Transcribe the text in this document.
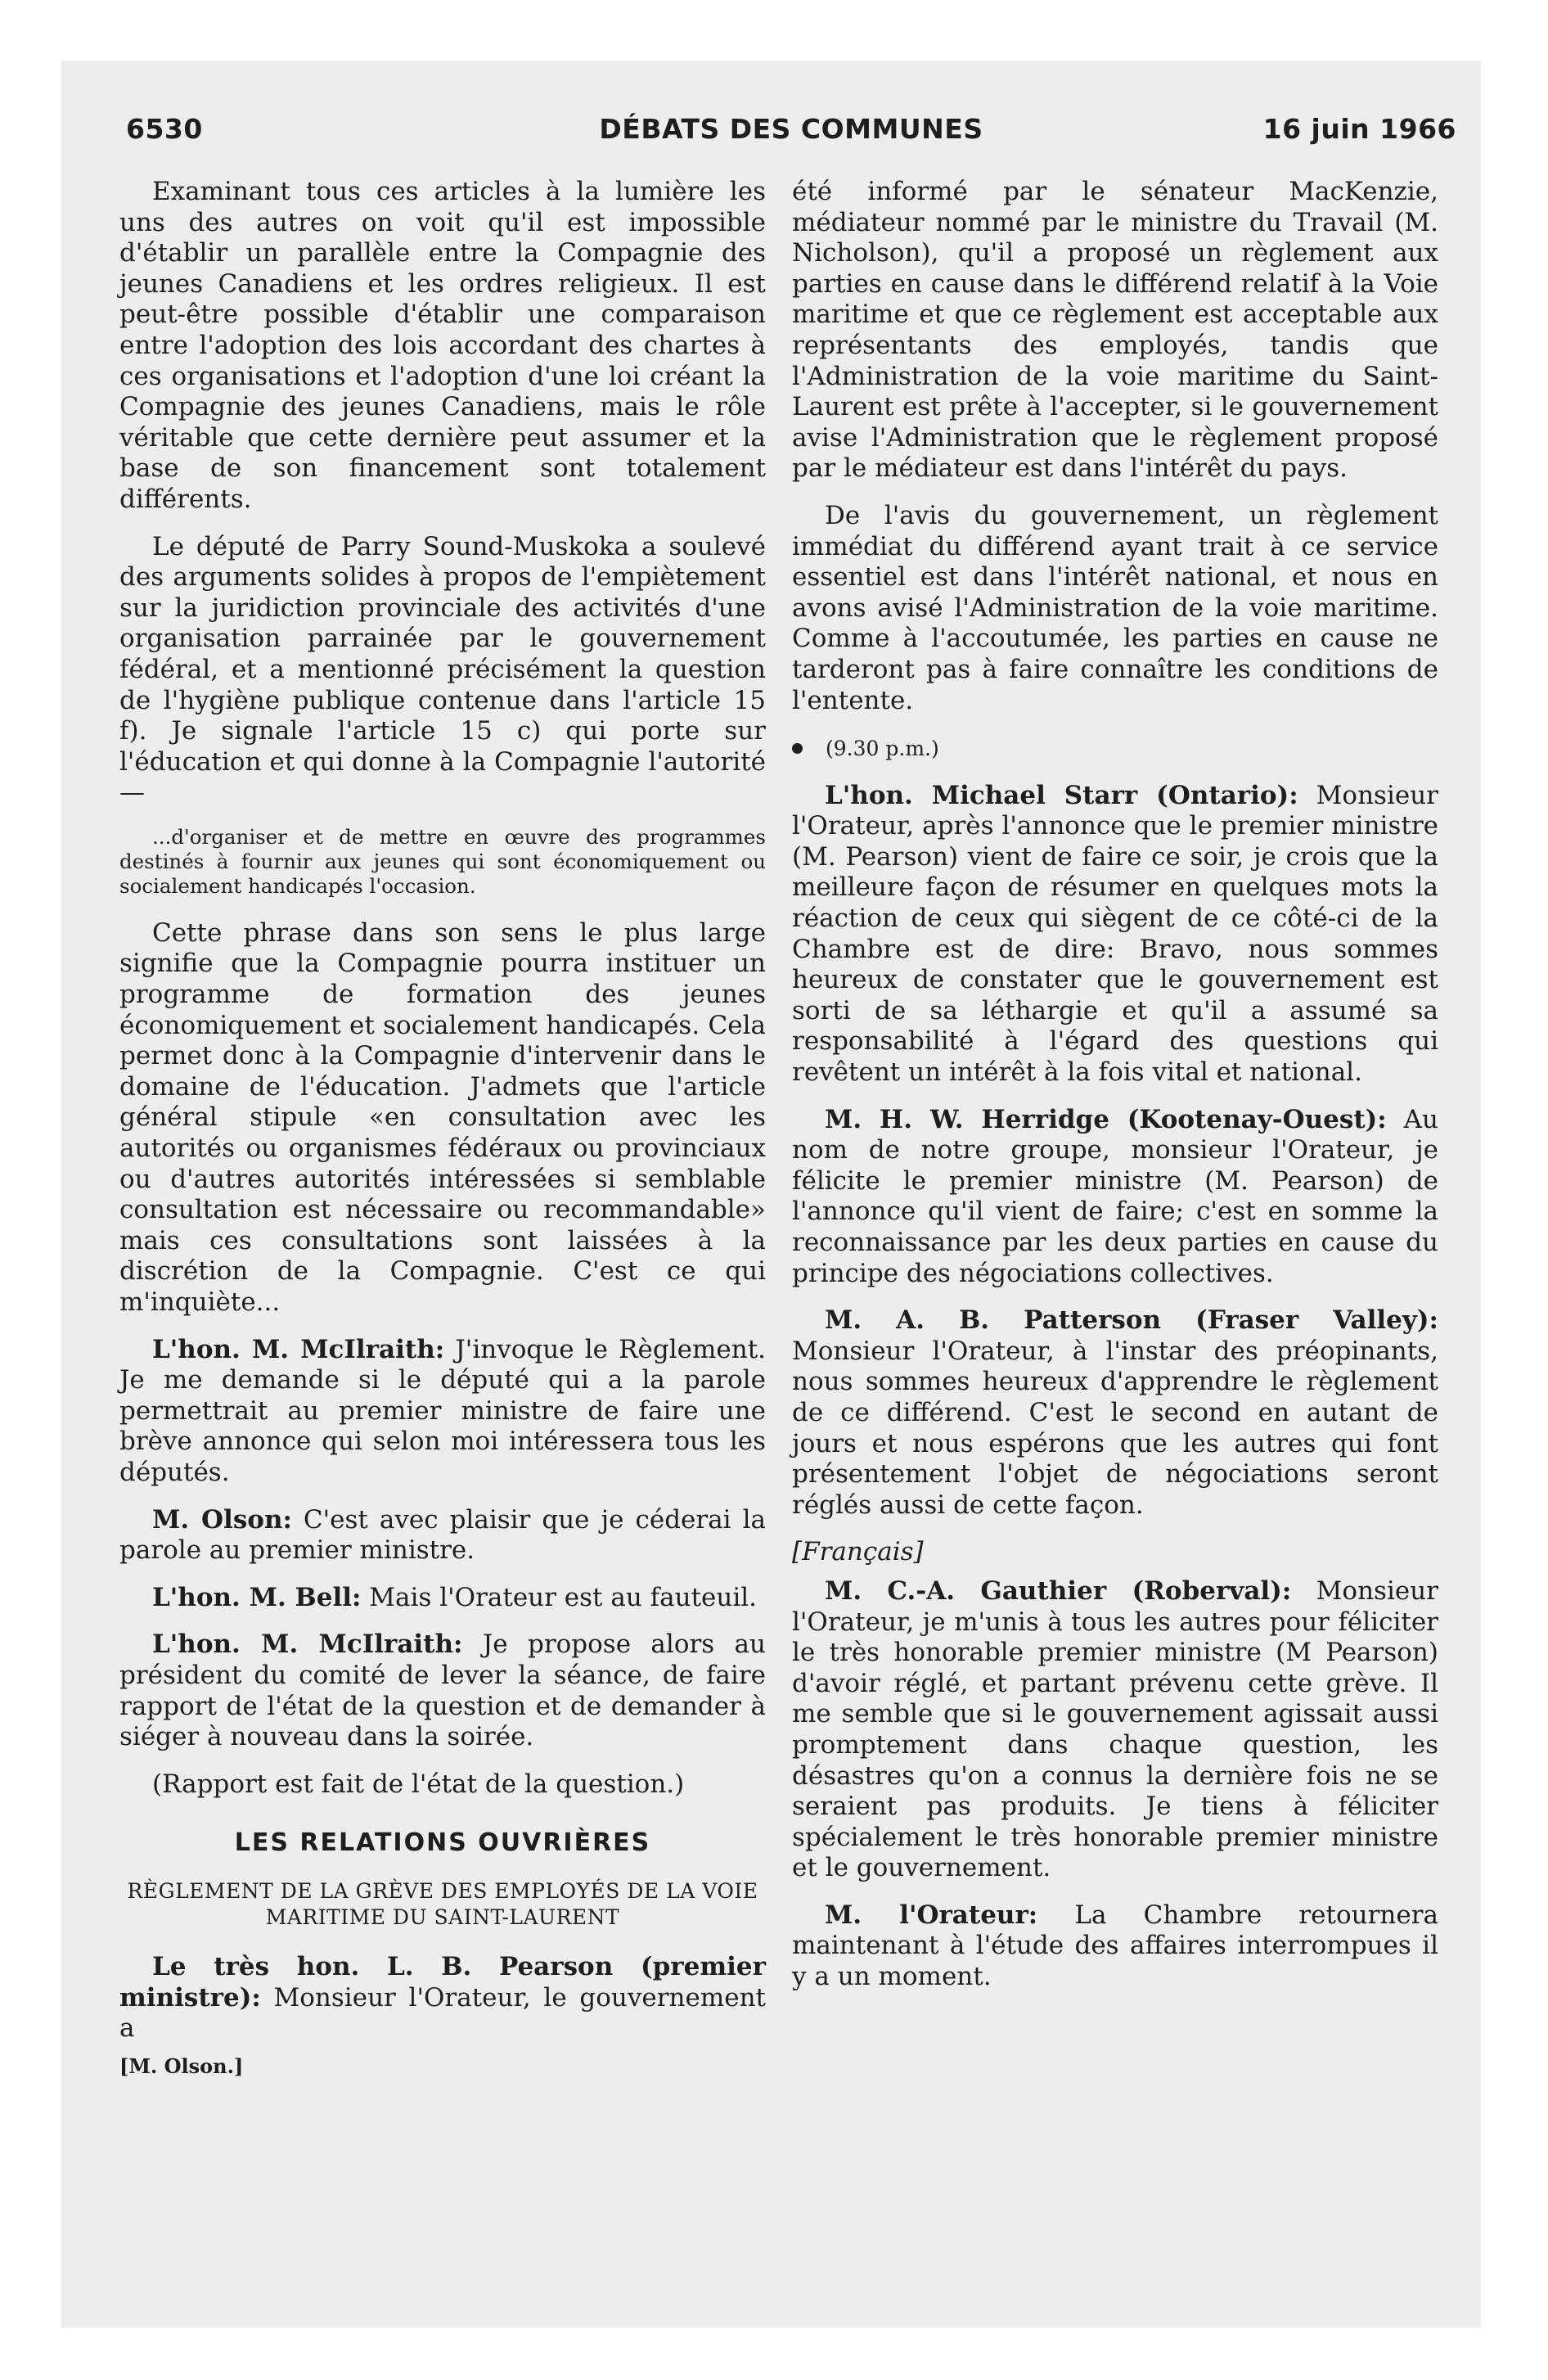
6530	DÉBATS DES COMMUNES	16 juin 1966

Examinant tous ces articles à la lumière les uns des autres on voit qu'il est impossible d'établir un parallèle entre la Compagnie des jeunes Canadiens et les ordres religieux. Il est peut-être possible d'établir une comparaison entre l'adoption des lois accordant des chartes à ces organisations et l'adoption d'une loi créant la Compagnie des jeunes Canadiens, mais le rôle véritable que cette dernière peut assumer et la base de son financement sont totalement différents.

Le député de Parry Sound-Muskoka a soulevé des arguments solides à propos de l'empiètement sur la juridiction provinciale des activités d'une organisation parrainée par le gouvernement fédéral, et a mentionné précisément la question de l'hygiène publique contenue dans l'article 15 f). Je signale l'article 15 c) qui porte sur l'éducation et qui donne à la Compagnie l'autorité—

...d'organiser et de mettre en œuvre des programmes destinés à fournir aux jeunes qui sont économiquement ou socialement handicapés l'occasion.

Cette phrase dans son sens le plus large signifie que la Compagnie pourra instituer un programme de formation des jeunes économiquement et socialement handicapés. Cela permet donc à la Compagnie d'intervenir dans le domaine de l'éducation. J'admets que l'article général stipule «en consultation avec les autorités ou organismes fédéraux ou provinciaux ou d'autres autorités intéressées si semblable consultation est nécessaire ou recommandable» mais ces consultations sont laissées à la discrétion de la Compagnie. C'est ce qui m'inquiète...

L'hon. M. McIlraith: J'invoque le Règlement. Je me demande si le député qui a la parole permettrait au premier ministre de faire une brève annonce qui selon moi intéressera tous les députés.

M. Olson: C'est avec plaisir que je céderai la parole au premier ministre.

L'hon. M. Bell: Mais l'Orateur est au fauteuil.

L'hon. M. McIlraith: Je propose alors au président du comité de lever la séance, de faire rapport de l'état de la question et de demander à siéger à nouveau dans la soirée.

(Rapport est fait de l'état de la question.)

LES RELATIONS OUVRIÈRES
RÈGLEMENT DE LA GRÈVE DES EMPLOYÉS DE LA VOIE MARITIME DU SAINT-LAURENT

Le très hon. L. B. Pearson (premier ministre): Monsieur l'Orateur, le gouvernement a

[M. Olson.]

été informé par le sénateur MacKenzie, médiateur nommé par le ministre du Travail (M. Nicholson), qu'il a proposé un règlement aux parties en cause dans le différend relatif à la Voie maritime et que ce règlement est acceptable aux représentants des employés, tandis que l'Administration de la voie maritime du Saint-Laurent est prête à l'accepter, si le gouvernement avise l'Administration que le règlement proposé par le médiateur est dans l'intérêt du pays.

De l'avis du gouvernement, un règlement immédiat du différend ayant trait à ce service essentiel est dans l'intérêt national, et nous en avons avisé l'Administration de la voie maritime. Comme à l'accoutumée, les parties en cause ne tarderont pas à faire connaître les conditions de l'entente.

(9.30 p.m.)

L'hon. Michael Starr (Ontario): Monsieur l'Orateur, après l'annonce que le premier ministre (M. Pearson) vient de faire ce soir, je crois que la meilleure façon de résumer en quelques mots la réaction de ceux qui siègent de ce côté-ci de la Chambre est de dire: Bravo, nous sommes heureux de constater que le gouvernement est sorti de sa léthargie et qu'il a assumé sa responsabilité à l'égard des questions qui revêtent un intérêt à la fois vital et national.

M. H. W. Herridge (Kootenay-Ouest): Au nom de notre groupe, monsieur l'Orateur, je félicite le premier ministre (M. Pearson) de l'annonce qu'il vient de faire; c'est en somme la reconnaissance par les deux parties en cause du principe des négociations collectives.

M. A. B. Patterson (Fraser Valley): Monsieur l'Orateur, à l'instar des préopinants, nous sommes heureux d'apprendre le règlement de ce différend. C'est le second en autant de jours et nous espérons que les autres qui font présentement l'objet de négociations seront réglés aussi de cette façon.

[Français]

M. C.-A. Gauthier (Roberval): Monsieur l'Orateur, je m'unis à tous les autres pour féliciter le très honorable premier ministre (M Pearson) d'avoir réglé, et partant prévenu cette grève. Il me semble que si le gouvernement agissait aussi promptement dans chaque question, les désastres qu'on a connus la dernière fois ne se seraient pas produits. Je tiens à féliciter spécialement le très honorable premier ministre et le gouvernement.

M. l'Orateur: La Chambre retournera maintenant à l'étude des affaires interrompues il y a un moment.
